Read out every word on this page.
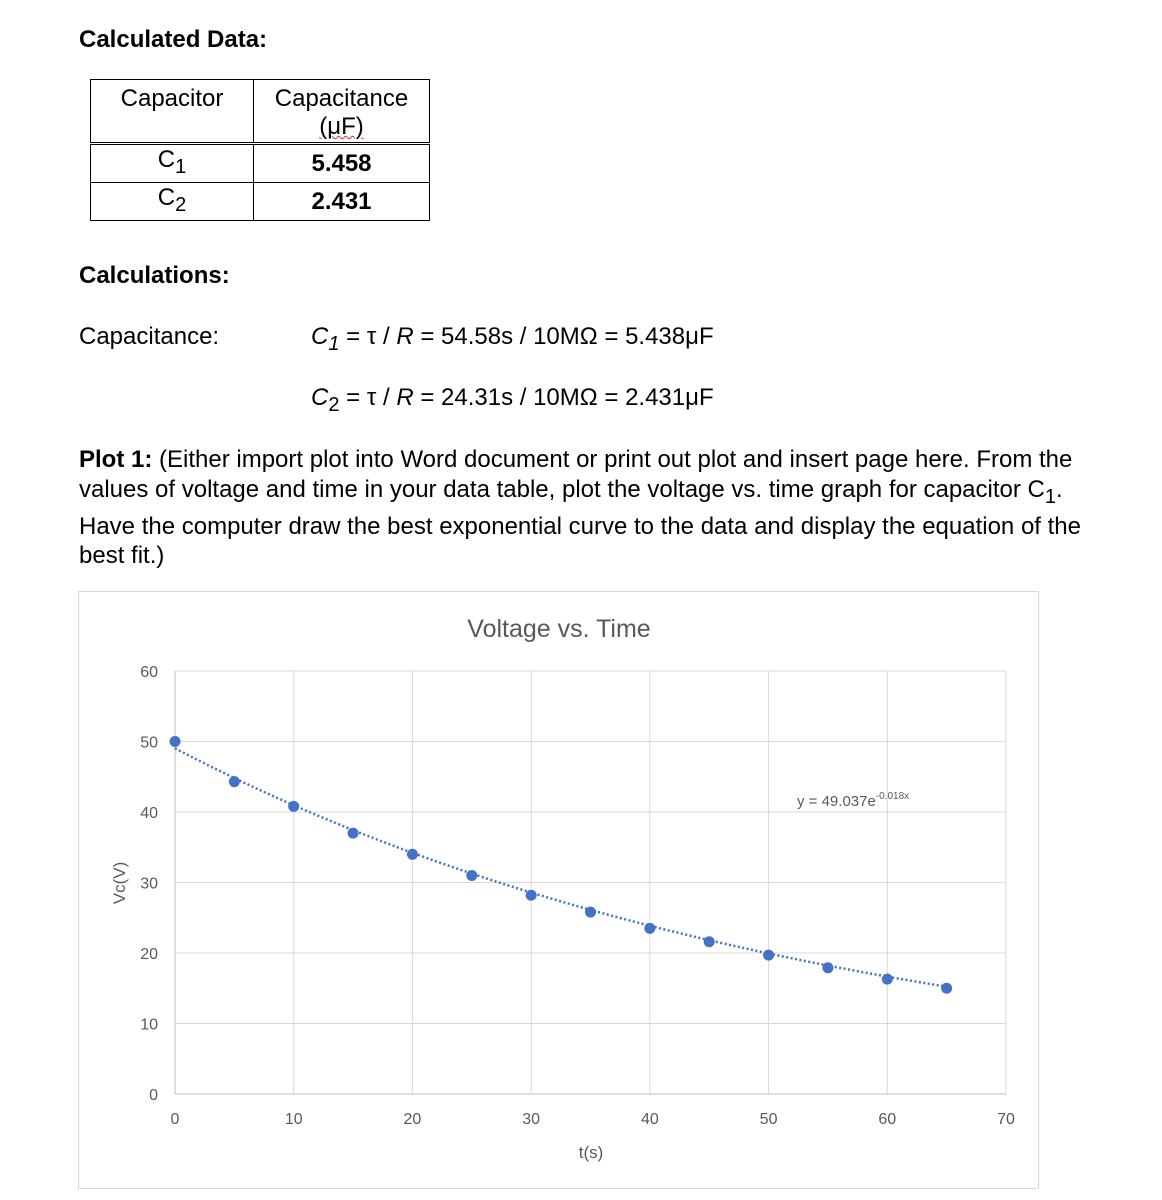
Calculated Data:
Capacitor	Capacitance
(μF)

$C_1$	5.458
$C_2$	2.431
Calculations:

Capacitance:	$C_1 = \tau / R = 54.58s / 10M\Omega = 5.438\mu F$

$C_2 = \tau / R = 24.31s / 10M\Omega = 2.431\mu F$

Plot 1: (Either import plot into Word document or print out plot and insert page here. From the values of voltage and time in your data table, plot the voltage vs. time graph for capacitor $C_1$. Have the computer draw the best exponential curve to the data and display the equation of the best fit.)

0
10
20
30
40
50
60
0	10	20	30	40	50	60	70
Voltage vs. Time
t(s)
Vc(V)
$y = 49.037e^{-0.018x}$
